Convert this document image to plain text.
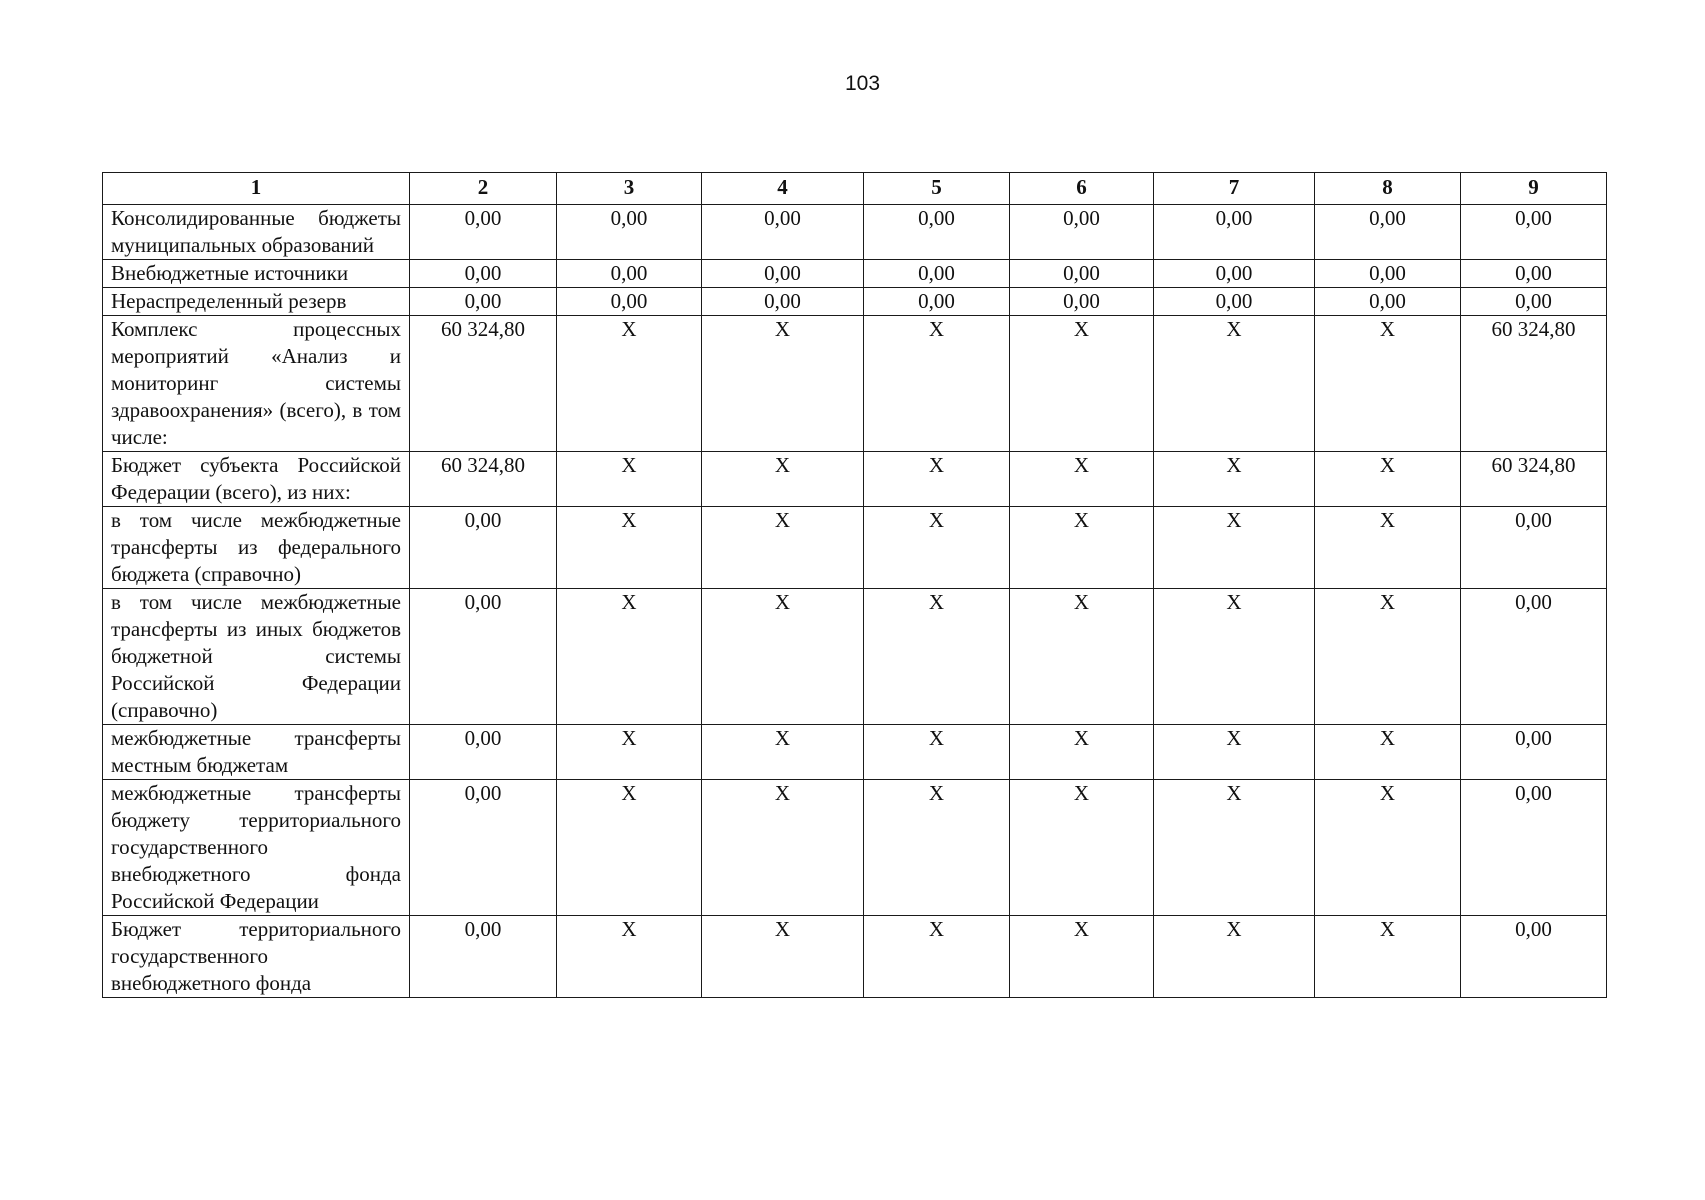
103
1	2	3	4	5	6	7	8	9
Консолидированные бюджеты муниципальных образований	0,00	0,00	0,00	0,00	0,00	0,00	0,00	0,00
Внебюджетные источники	0,00	0,00	0,00	0,00	0,00	0,00	0,00	0,00
Нераспределенный резерв	0,00	0,00	0,00	0,00	0,00	0,00	0,00	0,00
Комплекс процессных мероприятий «Анализ и мониторинг системы здравоохранения» (всего), в том числе:	60 324,80	X	X	X	X	X	X	60 324,80
Бюджет субъекта Российской Федерации (всего), из них:	60 324,80	X	X	X	X	X	X	60 324,80
в том числе межбюджетные трансферты из федерального бюджета (справочно)	0,00	X	X	X	X	X	X	0,00
в том числе межбюджетные трансферты из иных бюджетов бюджетной системы Российской Федерации (справочно)	0,00	X	X	X	X	X	X	0,00
межбюджетные трансферты местным бюджетам	0,00	X	X	X	X	X	X	0,00
межбюджетные трансферты бюджету территориального государственного внебюджетного фонда Российской Федерации	0,00	X	X	X	X	X	X	0,00
Бюджет территориального государственного внебюджетного фонда	0,00	X	X	X	X	X	X	0,00
